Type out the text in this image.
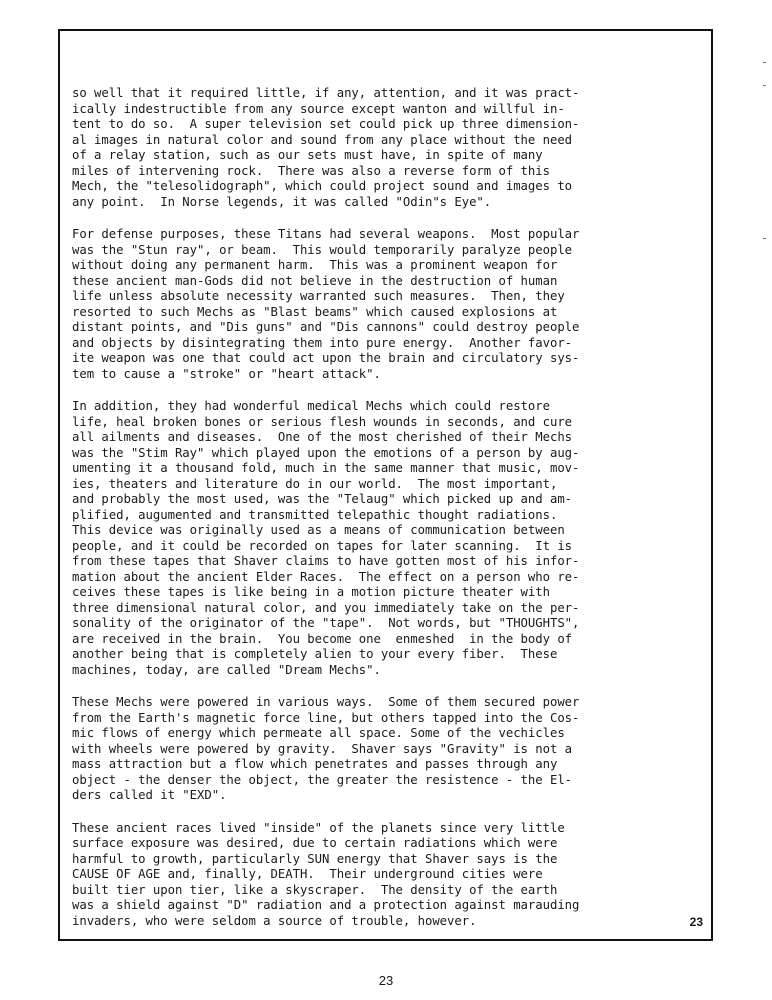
so well that it required little, if any, attention, and it was pract-
ically indestructible from any source except wanton and willful in-
tent to do so.  A super television set could pick up three dimension-
al images in natural color and sound from any place without the need
of a relay station, such as our sets must have, in spite of many
miles of intervening rock.  There was also a reverse form of this
Mech, the "telesolidograph", which could project sound and images to
any point.  In Norse legends, it was called "Odin"s Eye".
For defense purposes, these Titans had several weapons.  Most popular
was the "Stun ray", or beam.  This would temporarily paralyze people
without doing any permanent harm.  This was a prominent weapon for
these ancient man-Gods did not believe in the destruction of human
life unless absolute necessity warranted such measures.  Then, they
resorted to such Mechs as "Blast beams" which caused explosions at
distant points, and "Dis guns" and "Dis cannons" could destroy people
and objects by disintegrating them into pure energy.  Another favor-
ite weapon was one that could act upon the brain and circulatory sys-
tem to cause a "stroke" or "heart attack".
In addition, they had wonderful medical Mechs which could restore
life, heal broken bones or serious flesh wounds in seconds, and cure
all ailments and diseases.  One of the most cherished of their Mechs
was the "Stim Ray" which played upon the emotions of a person by aug-
umenting it a thousand fold, much in the same manner that music, mov-
ies, theaters and literature do in our world.  The most important,
and probably the most used, was the "Telaug" which picked up and am-
plified, augumented and transmitted telepathic thought radiations.
This device was originally used as a means of communication between
people, and it could be recorded on tapes for later scanning.  It is
from these tapes that Shaver claims to have gotten most of his infor-
mation about the ancient Elder Races.  The effect on a person who re-
ceives these tapes is like being in a motion picture theater with
three dimensional natural color, and you immediately take on the per-
sonality of the originator of the "tape".  Not words, but "THOUGHTS",
are received in the brain.  You become one  enmeshed  in the body of
another being that is completely alien to your every fiber.  These
machines, today, are called "Dream Mechs".
These Mechs were powered in various ways.  Some of them secured power
from the Earth's magnetic force line, but others tapped into the Cos-
mic flows of energy which permeate all space. Some of the vechicles
with wheels were powered by gravity.  Shaver says "Gravity" is not a
mass attraction but a flow which penetrates and passes through any
object - the denser the object, the greater the resistence - the El-
ders called it "EXD".
These ancient races lived "inside" of the planets since very little
surface exposure was desired, due to certain radiations which were
harmful to growth, particularly SUN energy that Shaver says is the
CAUSE OF AGE and, finally, DEATH.  Their underground cities were
built tier upon tier, like a skyscraper.  The density of the earth
was a shield against "D" radiation and a protection against marauding
invaders, who were seldom a source of trouble, however.	23
23
